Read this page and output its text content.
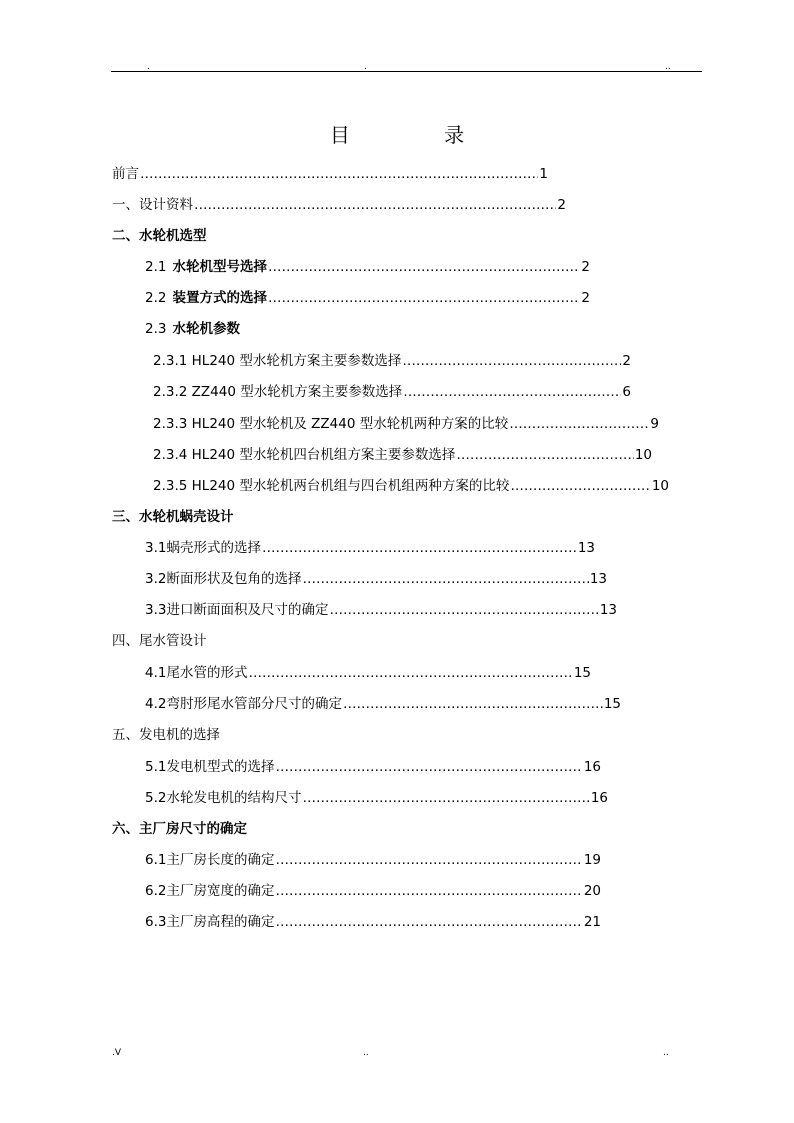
.	.	..
目 录
前言 ……………………………………………………………………………………………………………………………………	1
一、设计资料 ……………………………………………………………………………………………………………………………………	2
二、水轮机选型
2.1 水轮机型号选择 ……………………………………………………………………………………………………………………………………	2
2.2 装置方式的选择 ……………………………………………………………………………………………………………………………………	2
2.3 水轮机参数
2.3.1 HL240 型水轮机方案主要参数选择 ……………………………………………………………………………………………………………………………………	2
2.3.2 ZZ440 型水轮机方案主要参数选择 ……………………………………………………………………………………………………………………………………	6
2.3.3 HL240 型水轮机及 ZZ440 型水轮机两种方案的比较 ……………………………………………………………………………………………………………………………………	9
2.3.4 HL240 型水轮机四台机组方案主要参数选择 ……………………………………………………………………………………………………………………………………	10
2.3.5 HL240 型水轮机两台机组与四台机组两种方案的比较 ……………………………………………………………………………………………………………………………………	10
三、水轮机蜗壳设计
3.1 蜗壳形式的选择 ……………………………………………………………………………………………………………………………………	13
3.2 断面形状及包角的选择 ……………………………………………………………………………………………………………………………………	13
3.3 进口断面面积及尺寸的确定 ……………………………………………………………………………………………………………………………………	13
四、尾水管设计
4.1 尾水管的形式 ……………………………………………………………………………………………………………………………………	15
4.2 弯肘形尾水管部分尺寸的确定 ……………………………………………………………………………………………………………………………………	15
五、发电机的选择
5.1 发电机型式的选择 ……………………………………………………………………………………………………………………………………	16
5.2 水轮发电机的结构尺寸 ……………………………………………………………………………………………………………………………………	16
六、主厂房尺寸的确定
6.1 主厂房长度的确定 ……………………………………………………………………………………………………………………………………	19
6.2 主厂房宽度的确定 ……………………………………………………………………………………………………………………………………	20
6.3 主厂房高程的确定 ……………………………………………………………………………………………………………………………………	21
.V	..	..
